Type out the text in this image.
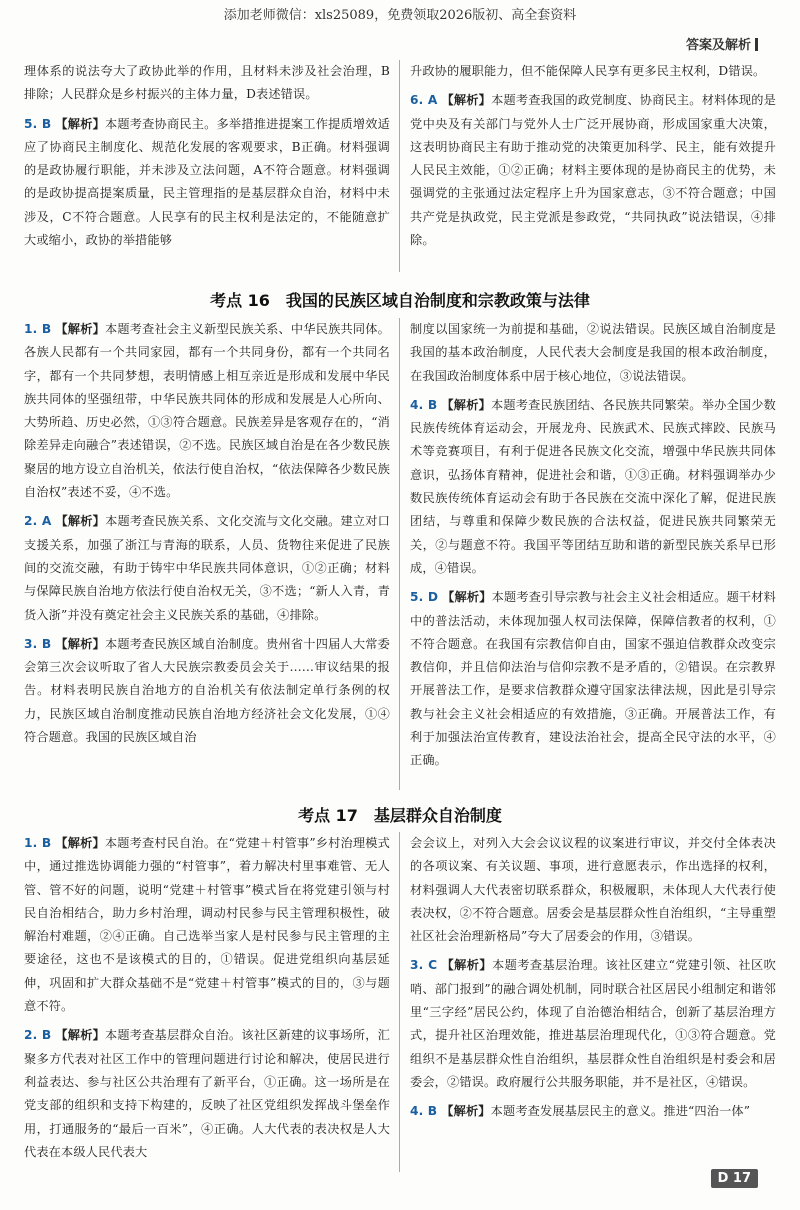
添加老师微信：xls25089，免费领取2026版初、高全套资料
答案及解析

理体系的说法夸大了政协此举的作用，且材料未涉及社会治理，B排除；人民群众是乡村振兴的主体力量，D表述错误。

5. B 【解析】本题考查协商民主。多举措推进提案工作提质增效适应了协商民主制度化、规范化发展的客观要求，B正确。材料强调的是政协履行职能，并未涉及立法问题，A不符合题意。材料强调的是政协提高提案质量，民主管理指的是基层群众自治，材料中未涉及，C不符合题意。人民享有的民主权利是法定的，不能随意扩大或缩小，政协的举措能够

升政协的履职能力，但不能保障人民享有更多民主权利，D错误。

6. A 【解析】本题考查我国的政党制度、协商民主。材料体现的是党中央及有关部门与党外人士广泛开展协商，形成国家重大决策，这表明协商民主有助于推动党的决策更加科学、民主，能有效提升人民民主效能，①②正确；材料主要体现的是协商民主的优势，未强调党的主张通过法定程序上升为国家意志，③不符合题意；中国共产党是执政党，民主党派是参政党，“共同执政”说法错误，④排除。

考点 16　我国的民族区域自治制度和宗教政策与法律

1. B 【解析】本题考查社会主义新型民族关系、中华民族共同体。各族人民都有一个共同家园，都有一个共同身份，都有一个共同名字，都有一个共同梦想，表明情感上相互亲近是形成和发展中华民族共同体的坚强纽带，中华民族共同体的形成和发展是人心所向、大势所趋、历史必然，①③符合题意。民族差异是客观存在的，“消除差异走向融合”表述错误，②不选。民族区域自治是在各少数民族聚居的地方设立自治机关，依法行使自治权，“依法保障各少数民族自治权”表述不妥，④不选。

2. A 【解析】本题考查民族关系、文化交流与文化交融。建立对口支援关系，加强了浙江与青海的联系，人员、货物往来促进了民族间的交流交融，有助于铸牢中华民族共同体意识，①②正确；材料与保障民族自治地方依法行使自治权无关，③不选；“新人入青，青货入浙”并没有奠定社会主义民族关系的基础，④排除。

3. B 【解析】本题考查民族区域自治制度。贵州省十四届人大常委会第三次会议听取了省人大民族宗教委员会关于……审议结果的报告。材料表明民族自治地方的自治机关有依法制定单行条例的权力，民族区域自治制度推动民族自治地方经济社会文化发展，①④符合题意。我国的民族区域自治

制度以国家统一为前提和基础，②说法错误。民族区域自治制度是我国的基本政治制度，人民代表大会制度是我国的根本政治制度，在我国政治制度体系中居于核心地位，③说法错误。

4. B 【解析】本题考查民族团结、各民族共同繁荣。举办全国少数民族传统体育运动会，开展龙舟、民族武术、民族式摔跤、民族马术等竞赛项目，有利于促进各民族文化交流，增强中华民族共同体意识，弘扬体育精神，促进社会和谐，①③正确。材料强调举办少数民族传统体育运动会有助于各民族在交流中深化了解，促进民族团结，与尊重和保障少数民族的合法权益，促进民族共同繁荣无关，②与题意不符。我国平等团结互助和谐的新型民族关系早已形成，④错误。

5. D 【解析】本题考查引导宗教与社会主义社会相适应。题干材料中的普法活动，未体现加强人权司法保障，保障信教者的权利，①不符合题意。在我国有宗教信仰自由，国家不强迫信教群众改变宗教信仰，并且信仰法治与信仰宗教不是矛盾的，②错误。在宗教界开展普法工作，是要求信教群众遵守国家法律法规，因此是引导宗教与社会主义社会相适应的有效措施，③正确。开展普法工作，有利于加强法治宣传教育，建设法治社会，提高全民守法的水平，④正确。

考点 17　基层群众自治制度

1. B 【解析】本题考查村民自治。在“党建＋村管事”乡村治理模式中，通过推选协调能力强的“村管事”，着力解决村里事难管、无人管、管不好的问题，说明“党建＋村管事”模式旨在将党建引领与村民自治相结合，助力乡村治理，调动村民参与民主管理积极性，破解治村难题，②④正确。自己选举当家人是村民参与民主管理的主要途径，这也不是该模式的目的，①错误。促进党组织向基层延伸，巩固和扩大群众基础不是“党建＋村管事”模式的目的，③与题意不符。

2. B 【解析】本题考查基层群众自治。该社区新建的议事场所，汇聚多方代表对社区工作中的管理问题进行讨论和解决，使居民进行利益表达、参与社区公共治理有了新平台，①正确。这一场所是在党支部的组织和支持下构建的，反映了社区党组织发挥战斗堡垒作用，打通服务的“最后一百米”，④正确。人大代表的表决权是人大代表在本级人民代表大

会会议上，对列入大会会议议程的议案进行审议，并交付全体表决的各项议案、有关议题、事项，进行意愿表示，作出选择的权利，材料强调人大代表密切联系群众，积极履职，未体现人大代表行使表决权，②不符合题意。居委会是基层群众性自治组织，“主导重塑社区社会治理新格局”夸大了居委会的作用，③错误。

3. C 【解析】本题考查基层治理。该社区建立“党建引领、社区吹哨、部门报到”的融合调处机制，同时联合社区居民小组制定和谐邻里“三字经”居民公约，体现了自治德治相结合，创新了基层治理方式，提升社区治理效能，推进基层治理现代化，①③符合题意。党组织不是基层群众性自治组织，基层群众性自治组织是村委会和居委会，②错误。政府履行公共服务职能，并不是社区，④错误。

4. B 【解析】本题考查发展基层民主的意义。推进“四治一体”

D 17
